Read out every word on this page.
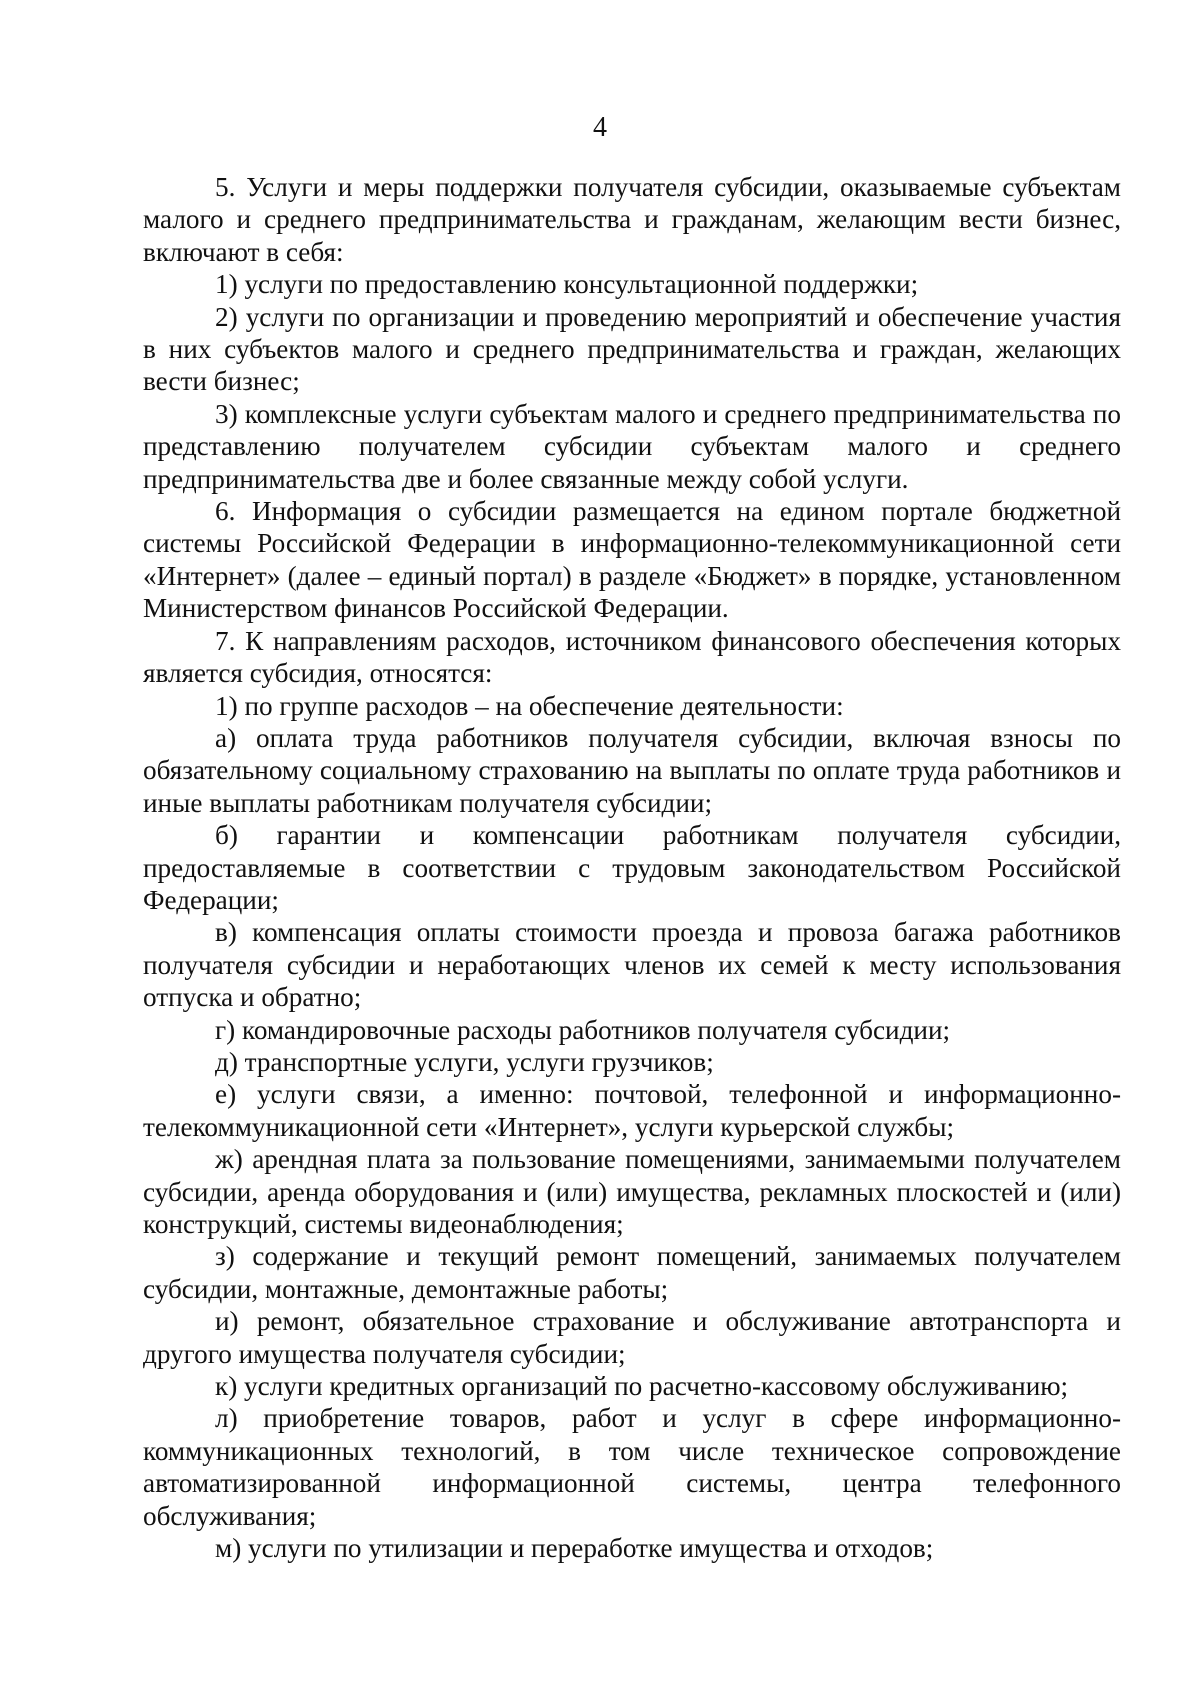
4

5. Услуги и меры поддержки получателя субсидии, оказываемые субъектам малого и среднего предпринимательства и гражданам, желающим вести бизнес, включают в себя:

1) услуги по предоставлению консультационной поддержки;

2) услуги по организации и проведению мероприятий и обеспечение участия в них субъектов малого и среднего предпринимательства и граждан, желающих вести бизнес;

3) комплексные услуги субъектам малого и среднего предпринимательства по представлению получателем субсидии субъектам малого и среднего предпринимательства две и более связанные между собой услуги.

6. Информация о субсидии размещается на едином портале бюджетной системы Российской Федерации в информационно-телекоммуникационной сети «Интернет» (далее – единый портал) в разделе «Бюджет» в порядке, установленном Министерством финансов Российской Федерации.

7. К направлениям расходов, источником финансового обеспечения которых является субсидия, относятся:

1) по группе расходов – на обеспечение деятельности:

а) оплата труда работников получателя субсидии, включая взносы по обязательному социальному страхованию на выплаты по оплате труда работников и иные выплаты работникам получателя субсидии;

б) гарантии и компенсации работникам получателя субсидии, предоставляемые в соответствии с трудовым законодательством Российской Федерации;

в) компенсация оплаты стоимости проезда и провоза багажа работников получателя субсидии и неработающих членов их семей к месту использования отпуска и обратно;

г) командировочные расходы работников получателя субсидии;

д) транспортные услуги, услуги грузчиков;

е) услуги связи, а именно: почтовой, телефонной и информационно-телекоммуникационной сети «Интернет», услуги курьерской службы;

ж) арендная плата за пользование помещениями, занимаемыми получателем субсидии, аренда оборудования и (или) имущества, рекламных плоскостей и (или) конструкций, системы видеонаблюдения;

з) содержание и текущий ремонт помещений, занимаемых получателем субсидии, монтажные, демонтажные работы;

и) ремонт, обязательное страхование и обслуживание автотранспорта и другого имущества получателя субсидии;

к) услуги кредитных организаций по расчетно-кассовому обслуживанию;

л) приобретение товаров, работ и услуг в сфере информационно-коммуникационных технологий, в том числе техническое сопровождение автоматизированной информационной системы, центра телефонного обслуживания;

м) услуги по утилизации и переработке имущества и отходов;
